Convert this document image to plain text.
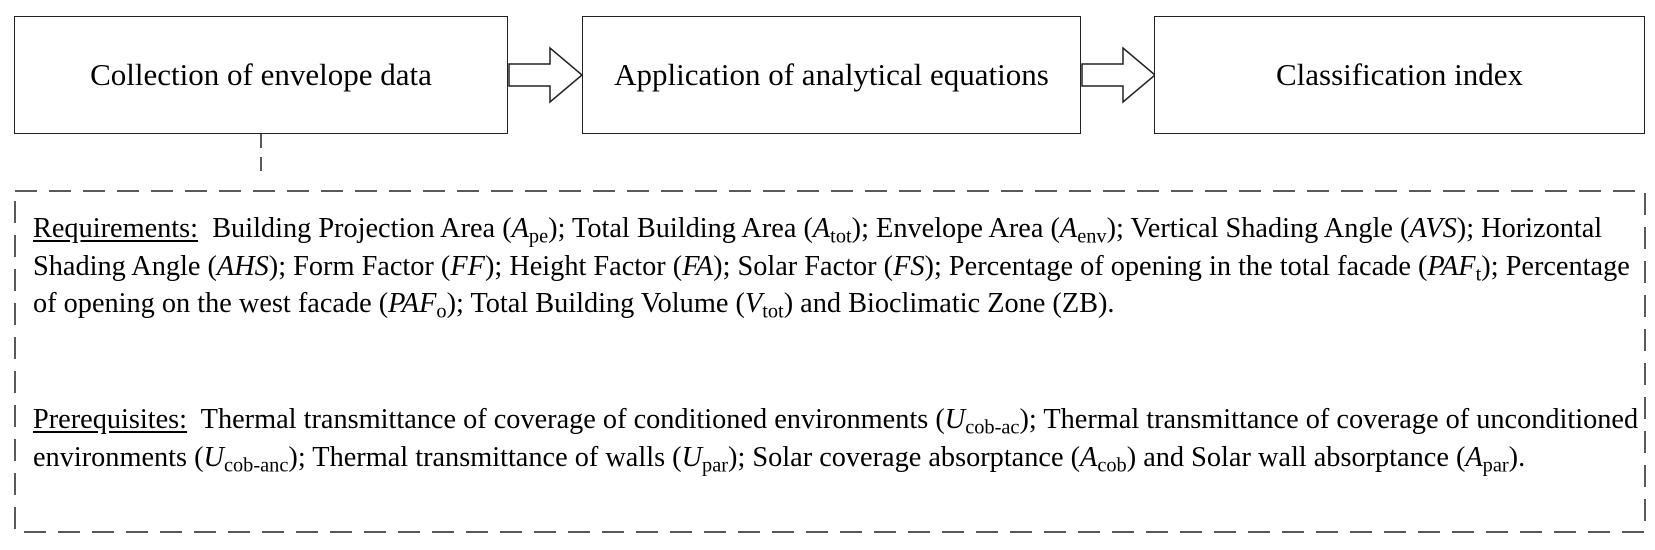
Collection of envelope data	Application of analytical equations	Classification index

Requirements: Building Projection Area $(A_{pe})$; Total Building Area $(A_{tot})$; Envelope Area $(A_{env})$; Vertical Shading Angle (AVS); Horizontal Shading Angle (AHS); Form Factor (FF); Height Factor (FA); Solar Factor (FS); Percentage of opening in the total facade $(PAF_t)$; Percentage of opening on the west facade $(PAF_o)$; Total Building Volume $(V_{tot})$ and Bioclimatic Zone (ZB).

Prerequisites: Thermal transmittance of coverage of conditioned environments $(U_{cob-ac})$; Thermal transmittance of coverage of unconditioned environments $(U_{cob-anc})$; Thermal transmittance of walls $(U_{par})$; Solar coverage absorptance $(A_{cob})$ and Solar wall absorptance $(A_{par})$.
